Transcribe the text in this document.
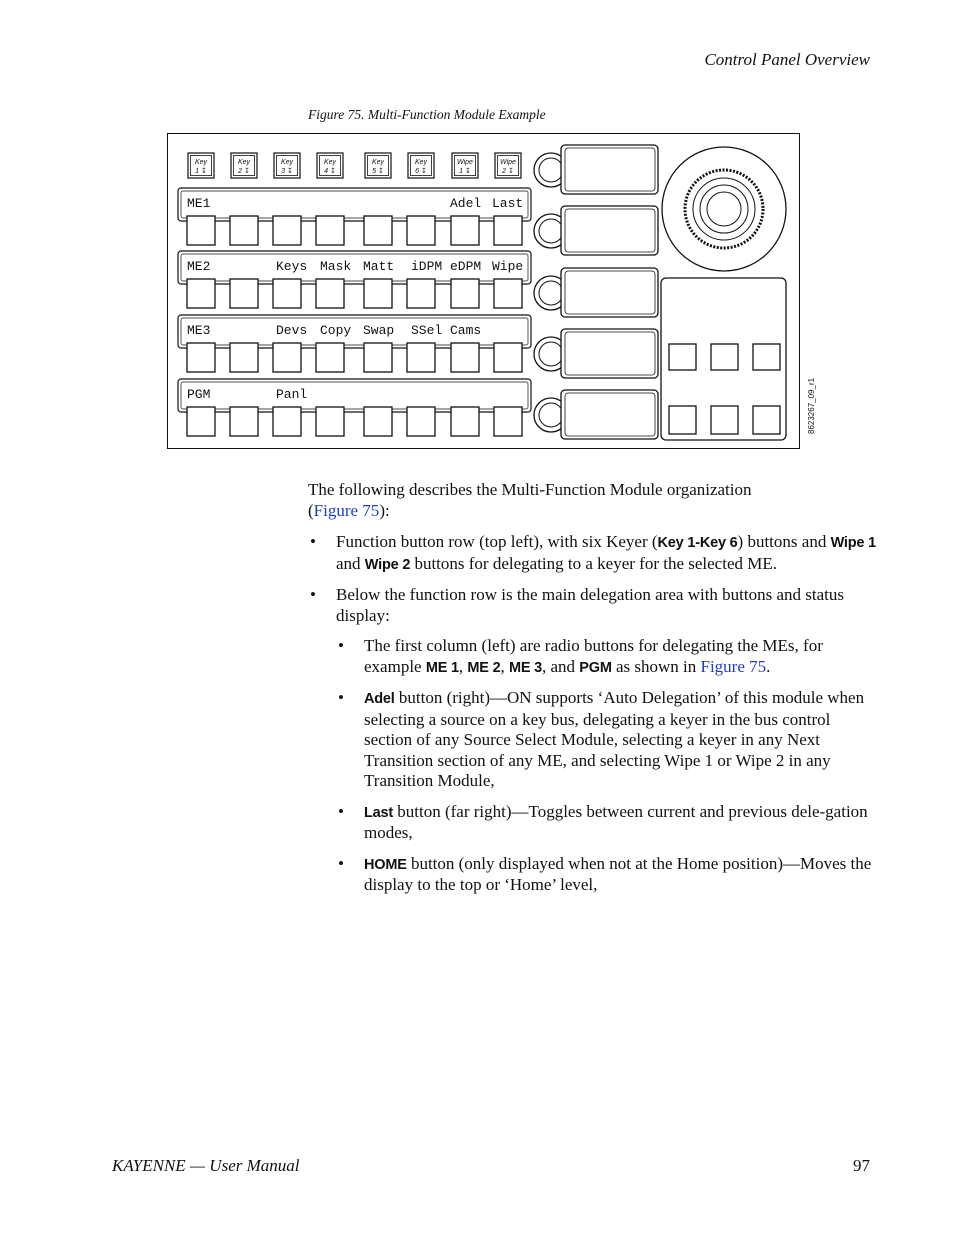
Control Panel Overview
Figure 75. Multi-Function Module Example
Key
1 ↧
Key
2 ↧
Key
3 ↧
Key
4 ↧
Key
5 ↧
Key
6 ↧
Wipe
1 ↧
Wipe
2 ↧
ME1	Adel Last
ME2	Keys Mask Matt iDPM eDPM Wipe
ME3	Devs Copy Swap SSel Cams
PGM	Panl	8623267_09_r1

The following describes the Multi-Function Module organization
(Figure 75):

• Function button row (top left), with six Keyer (Key 1-Key 6) buttons and Wipe 1 and Wipe 2 buttons for delegating to a keyer for the selected ME.
• Below the function row is the main delegation area with buttons and status display:
• The first column (left) are radio buttons for delegating the MEs, for example ME 1, ME 2, ME 3, and PGM as shown in Figure 75.
• Adel button (right)—ON supports ‘Auto Delegation’ of this module when selecting a source on a key bus, delegating a keyer in the bus control section of any Source Select Module, selecting a keyer in any Next Transition section of any ME, and selecting Wipe 1 or Wipe 2 in any Transition Module,
• Last button (far right)—Toggles between current and previous dele-gation modes,
• HOME button (only displayed when not at the Home position)—Moves the display to the top or ‘Home’ level,
KAYENNE — User Manual	97
